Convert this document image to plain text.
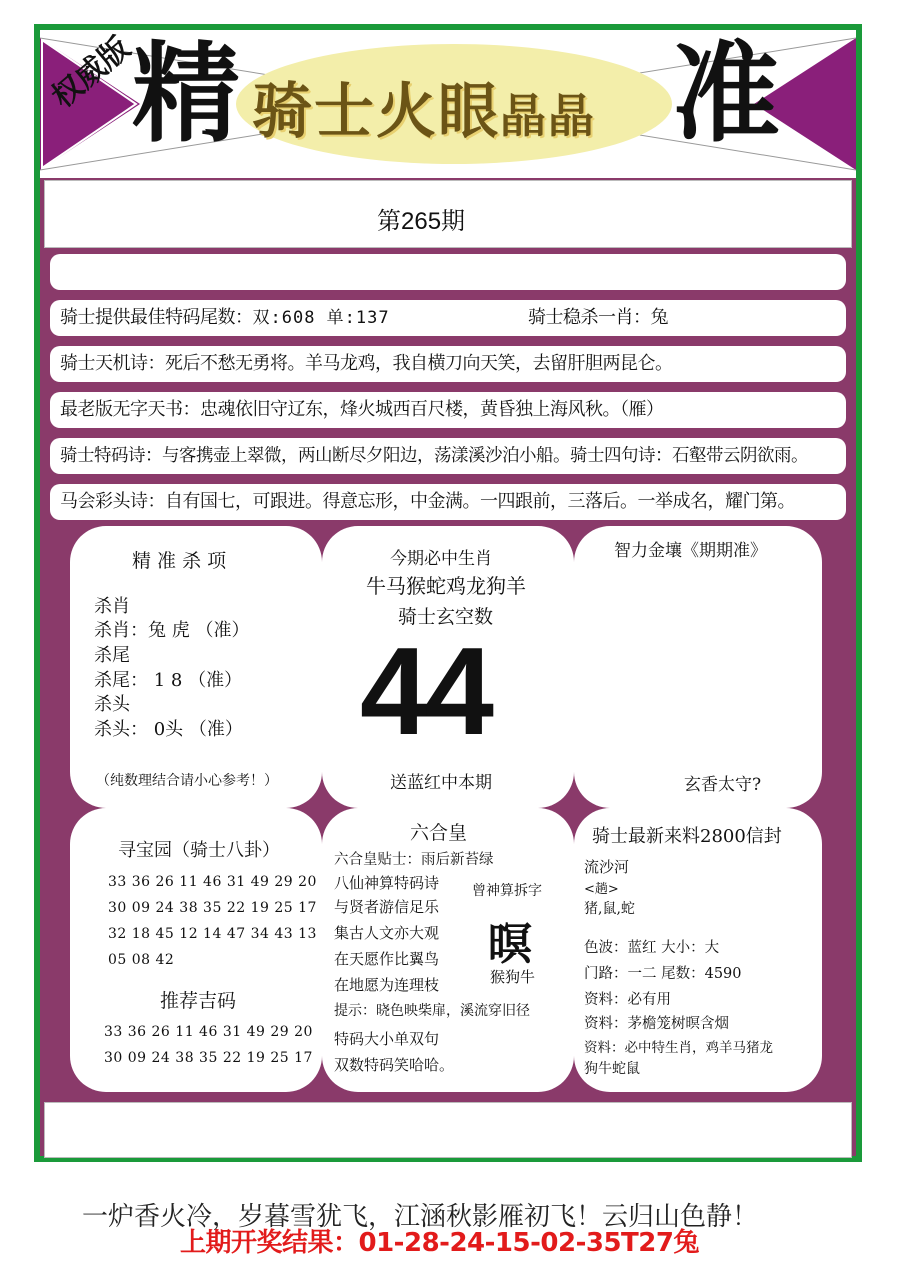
权威版
精 骑士火眼晶晶 准
第265期
骑士提供最佳特码尾数：双:608 单:137	骑士稳杀一肖：兔
骑士天机诗：死后不愁无勇将。羊马龙鸡，我自横刀向天笑，去留肝胆两昆仑。
最老版无字天书：忠魂依旧守辽东，烽火城西百尺楼，黄昏独上海风秋。（雁）
骑士特码诗：与客携壶上翠微，两山断尽夕阳边，荡漾溪沙泊小船。骑士四句诗：石壑带云阴欲雨。
马会彩头诗：自有国七，可跟进。得意忘形，中金满。一四跟前，三落后。一举成名，耀门第。
精 准 杀 项
杀肖
杀肖：兔 虎 （准）
杀尾
杀尾： 1 8 （准）
杀头
杀头： 0头 （准）
（纯数理结合请小心参考！）
今期必中生肖
牛马猴蛇鸡龙狗羊
骑士玄空数
44
送蓝红中本期
智力金壤《期期准》
玄香太守?
寻宝园（骑士八卦）
33 36 26 11 46 31 49 29 20
30 09 24 38 35 22 19 25 17
32 18 45 12 14 47 34 43 13
05 08 42
推荐吉码
33 36 26 11 46 31 49 29 20
30 09 24 38 35 22 19 25 17
六合皇
六合皇贴士：雨后新苔绿
八仙神算特码诗
与贤者游信足乐
集古人文亦大观
在天愿作比翼鸟
在地愿为连理枝
提示：晓色映柴扉，溪流穿旧径
特码大小单双句
双数特码笑哈哈。
曾神算拆字
暝
猴狗牛
骑士最新来料2800信封
流沙河
<趟>
猪,鼠,蛇
色波：蓝红 大小：大
门路：一二 尾数：4590
资料：必有用
资料：茅檐笼树暝含烟
资料：必中特生肖，鸡羊马猪龙
狗牛蛇鼠
一炉香火冷，岁暮雪犹飞，江涵秋影雁初飞！云归山色静！
上期开奖结果：01-28-24-15-02-35T27兔
